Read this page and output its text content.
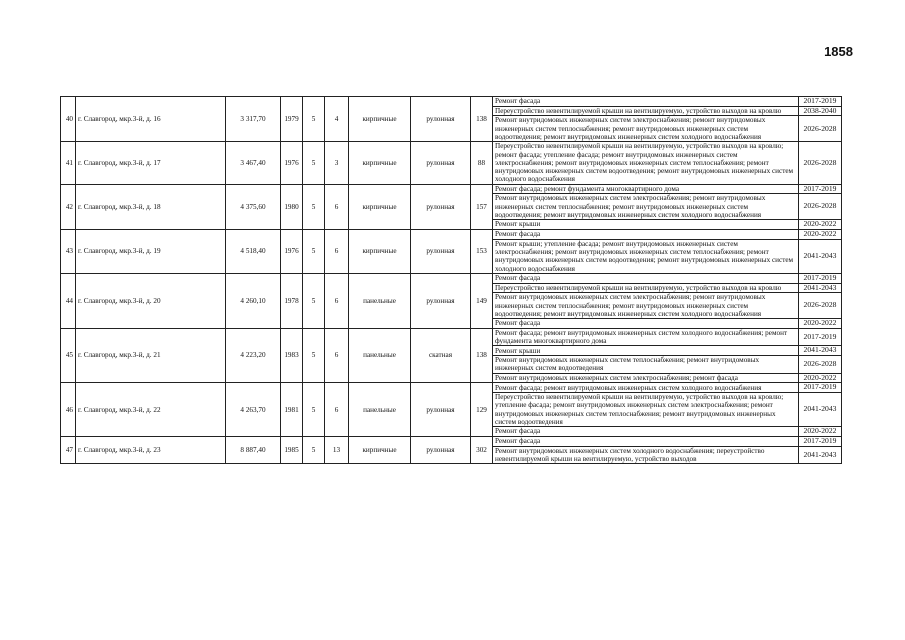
1858
40	г. Славгород, мкр.3-й, д. 16	3 317,70	1979	5	4	кирпичные	рулонная	138	Ремонт фасада	2017-2019
									Переустройство невентилируемой крыши на вентилируемую, устройство выходов на кровлю	2038-2040
									Ремонт внутридомовых инженерных систем электроснабжения; ремонт внутридомовых инженерных систем теплоснабжения; ремонт внутридомовых инженерных систем водоотведения; ремонт внутридомовых инженерных систем холодного водоснабжения	2026-2028
41	г. Славгород, мкр.3-й, д. 17	3 467,40	1976	5	3	кирпичные	рулонная	88	Переустройство невентилируемой крыши на вентилируемую, устройство выходов на кровлю; ремонт фасада; утепление фасада; ремонт внутридомовых инженерных систем электроснабжения; ремонт внутридомовых инженерных систем теплоснабжения; ремонт внутридомовых инженерных систем водоотведения; ремонт внутридомовых инженерных систем холодного водоснабжения	2026-2028
42	г. Славгород, мкр.3-й, д. 18	4 375,60	1980	5	6	кирпичные	рулонная	157	Ремонт фасада; ремонт фундамента многоквартирного дома	2017-2019
									Ремонт внутридомовых инженерных систем электроснабжения; ремонт внутридомовых инженерных систем теплоснабжения; ремонт внутридомовых инженерных систем водоотведения; ремонт внутридомовых инженерных систем холодного водоснабжения	2026-2028
									Ремонт крыши	2020-2022
43	г. Славгород, мкр.3-й, д. 19	4 518,40	1976	5	6	кирпичные	рулонная	153	Ремонт фасада	2020-2022
									Ремонт крыши; утепление фасада; ремонт внутридомовых инженерных систем электроснабжения; ремонт внутридомовых инженерных систем теплоснабжения; ремонт внутридомовых инженерных систем водоотведения; ремонт внутридомовых инженерных систем холодного водоснабжения	2041-2043
44	г. Славгород, мкр.3-й, д. 20	4 260,10	1978	5	6	панельные	рулонная	149	Ремонт фасада	2017-2019
									Переустройство невентилируемой крыши на вентилируемую, устройство выходов на кровлю	2041-2043
									Ремонт внутридомовых инженерных систем электроснабжения; ремонт внутридомовых инженерных систем теплоснабжения; ремонт внутридомовых инженерных систем водоотведения; ремонт внутридомовых инженерных систем холодного водоснабжения	2026-2028
									Ремонт фасада	2020-2022
45	г. Славгород, мкр.3-й, д. 21	4 223,20	1983	5	6	панельные	скатная	138	Ремонт фасада; ремонт внутридомовых инженерных систем холодного водоснабжения; ремонт фундамента многоквартирного дома	2017-2019
									Ремонт крыши	2041-2043
									Ремонт внутридомовых инженерных систем теплоснабжения; ремонт внутридомовых инженерных систем водоотведения	2026-2028
									Ремонт внутридомовых инженерных систем электроснабжения; ремонт фасада	2020-2022
46	г. Славгород, мкр.3-й, д. 22	4 263,70	1981	5	6	панельные	рулонная	129	Ремонт фасада; ремонт внутридомовых инженерных систем холодного водоснабжения	2017-2019
									Переустройство невентилируемой крыши на вентилируемую, устройство выходов на кровлю; утепление фасада; ремонт внутридомовых инженерных систем электроснабжения; ремонт внутридомовых инженерных систем теплоснабжения; ремонт внутридомовых инженерных систем водоотведения	2041-2043
									Ремонт фасада	2020-2022
47	г. Славгород, мкр.3-й, д. 23	8 887,40	1985	5	13	кирпичные	рулонная	302	Ремонт фасада	2017-2019
									Ремонт внутридомовых инженерных систем холодного водоснабжения; переустройство невентилируемой крыши на вентилируемую, устройство выходов	2041-2043
